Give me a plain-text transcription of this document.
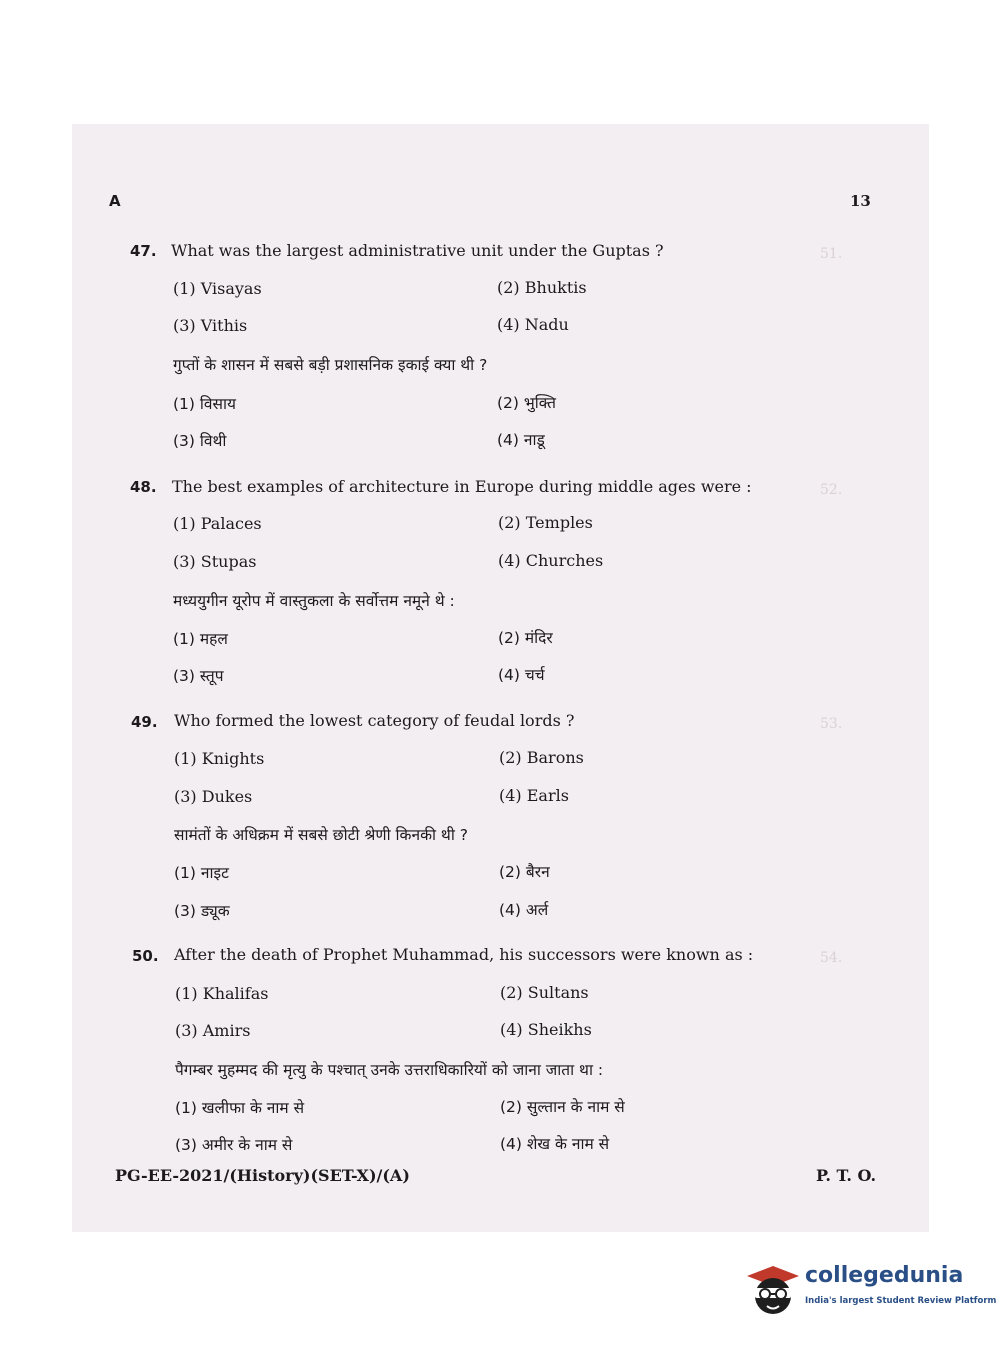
51.
52.
53.
54.
A	13
47. What was the largest administrative unit under the Guptas ?
(1) Visayas	(2) Bhuktis
(3) Vithis	(4) Nadu
गुप्तों के शासन में सबसे बड़ी प्रशासनिक इकाई क्या थी ?
(1) विसाय	(2) भुक्ति
(3) विथी	(4) नाडू
48. The best examples of architecture in Europe during middle ages were :
(1) Palaces	(2) Temples
(3) Stupas	(4) Churches
मध्ययुगीन यूरोप में वास्तुकला के सर्वोत्तम नमूने थे :
(1) महल	(2) मंदिर
(3) स्तूप	(4) चर्च
49. Who formed the lowest category of feudal lords ?
(1) Knights	(2) Barons
(3) Dukes	(4) Earls
सामंतों के अधिक्रम में सबसे छोटी श्रेणी किनकी थी ?
(1) नाइट	(2) बैरन
(3) ड्यूक	(4) अर्ल
50. After the death of Prophet Muhammad, his successors were known as :
(1) Khalifas	(2) Sultans
(3) Amirs	(4) Sheikhs
पैगम्बर मुहम्मद की मृत्यु के पश्चात् उनके उत्तराधिकारियों को जाना जाता था :
(1) खलीफा के नाम से	(2) सुल्तान के नाम से
(3) अमीर के नाम से	(4) शेख के नाम से
PG-EE-2021/(History)(SET-X)/(A)	P. T. O.
collegedunia
India's largest Student Review Platform
